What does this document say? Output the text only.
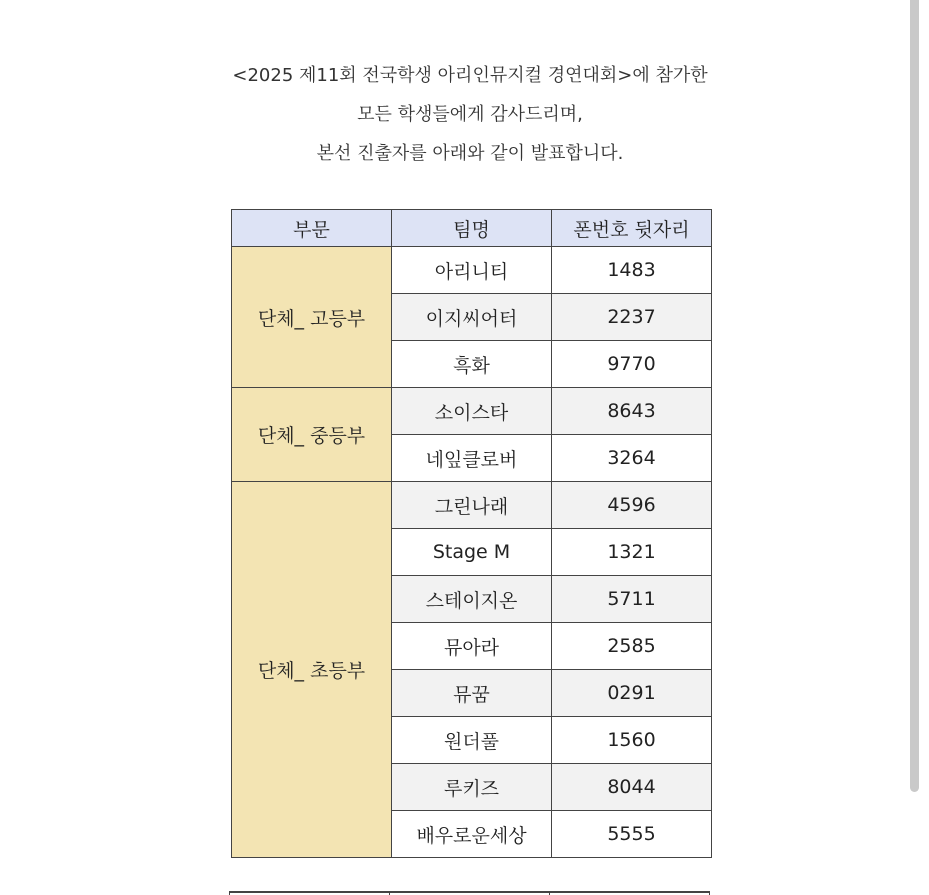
<2025 제11회 전국학생 아리인뮤지컬 경연대회>에 참가한
모든 학생들에게 감사드리며,
본선 진출자를 아래와 같이 발표합니다.
부문	팀명	폰번호 뒷자리
단체_ 고등부	아리니티	1483
	이지씨어터	2237
	흑화	9770
단체_ 중등부	소이스타	8643
	네잎클로버	3264
단체_ 초등부	그린나래	4596
	Stage M	1321
	스테이지온	5711
	뮤아라	2585
	뮤꿈	0291
	원더풀	1560
	루키즈	8044
	배우로운세상	5555
